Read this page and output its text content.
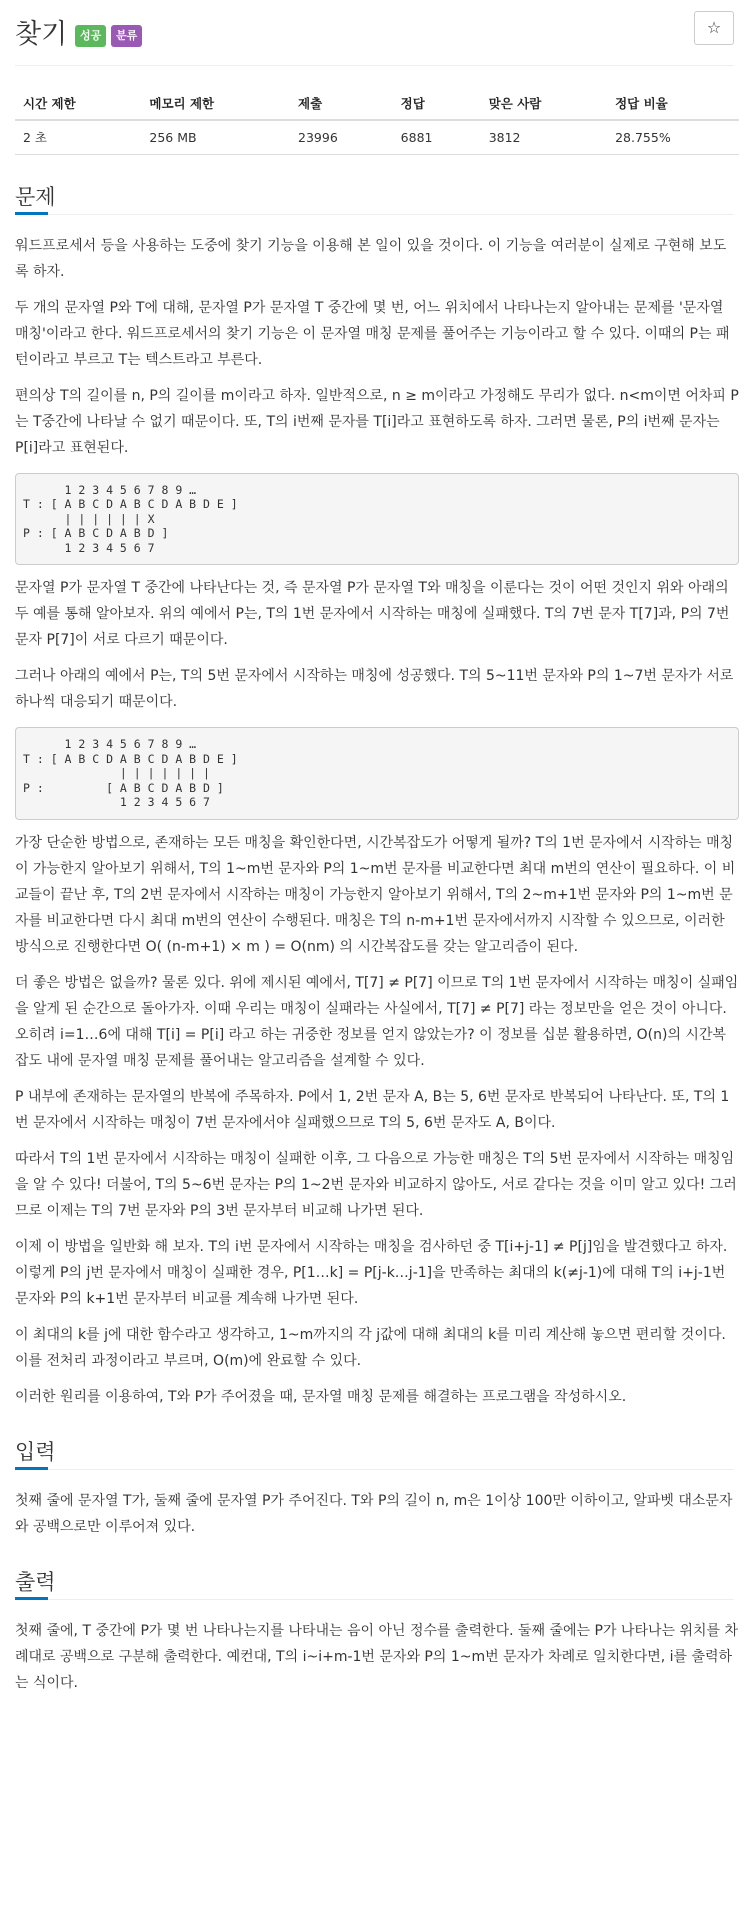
찾기	성공	분류	☆
시간 제한	메모리 제한	제출	정답	맞은 사람	정답 비율
2 초	256 MB	23996	6881	3812	28.755%
문제

워드프로세서 등을 사용하는 도중에 찾기 기능을 이용해 본 일이 있을 것이다. 이 기능을 여러분이 실제로 구현해 보도록 하자.

두 개의 문자열 P와 T에 대해, 문자열 P가 문자열 T 중간에 몇 번, 어느 위치에서 나타나는지 알아내는 문제를 '문자열 매칭'이라고 한다. 워드프로세서의 찾기 기능은 이 문자열 매칭 문제를 풀어주는 기능이라고 할 수 있다. 이때의 P는 패턴이라고 부르고 T는 텍스트라고 부른다.

편의상 T의 길이를 n, P의 길이를 m이라고 하자. 일반적으로, n ≥ m이라고 가정해도 무리가 없다. n<m이면 어차피 P는 T중간에 나타날 수 없기 때문이다. 또, T의 i번째 문자를 T[i]라고 표현하도록 하자. 그러면 물론, P의 i번째 문자는 P[i]라고 표현된다.

1 2 3 4 5 6 7 8 9 …
T : [ A B C D A B C D A B D E ]
| | | | | | X
P : [ A B C D A B D ]
1 2 3 4 5 6 7

문자열 P가 문자열 T 중간에 나타난다는 것, 즉 문자열 P가 문자열 T와 매칭을 이룬다는 것이 어떤 것인지 위와 아래의 두 예를 통해 알아보자. 위의 예에서 P는, T의 1번 문자에서 시작하는 매칭에 실패했다. T의 7번 문자 T[7]과, P의 7번 문자 P[7]이 서로 다르기 때문이다.

그러나 아래의 예에서 P는, T의 5번 문자에서 시작하는 매칭에 성공했다. T의 5~11번 문자와 P의 1~7번 문자가 서로 하나씩 대응되기 때문이다.

1 2 3 4 5 6 7 8 9 …
T : [ A B C D A B C D A B D E ]
| | | | | | |
P :         [ A B C D A B D ]
1 2 3 4 5 6 7

가장 단순한 방법으로, 존재하는 모든 매칭을 확인한다면, 시간복잡도가 어떻게 될까? T의 1번 문자에서 시작하는 매칭이 가능한지 알아보기 위해서, T의 1~m번 문자와 P의 1~m번 문자를 비교한다면 최대 m번의 연산이 필요하다. 이 비교들이 끝난 후, T의 2번 문자에서 시작하는 매칭이 가능한지 알아보기 위해서, T의 2~m+1번 문자와 P의 1~m번 문자를 비교한다면 다시 최대 m번의 연산이 수행된다. 매칭은 T의 n-m+1번 문자에서까지 시작할 수 있으므로, 이러한 방식으로 진행한다면 O( (n-m+1) × m ) = O(nm) 의 시간복잡도를 갖는 알고리즘이 된다.

더 좋은 방법은 없을까? 물론 있다. 위에 제시된 예에서, T[7] ≠ P[7] 이므로 T의 1번 문자에서 시작하는 매칭이 실패임을 알게 된 순간으로 돌아가자. 이때 우리는 매칭이 실패라는 사실에서, T[7] ≠ P[7] 라는 정보만을 얻은 것이 아니다. 오히려 i=1…6에 대해 T[i] = P[i] 라고 하는 귀중한 정보를 얻지 않았는가? 이 정보를 십분 활용하면, O(n)의 시간복잡도 내에 문자열 매칭 문제를 풀어내는 알고리즘을 설계할 수 있다.

P 내부에 존재하는 문자열의 반복에 주목하자. P에서 1, 2번 문자 A, B는 5, 6번 문자로 반복되어 나타난다. 또, T의 1번 문자에서 시작하는 매칭이 7번 문자에서야 실패했으므로 T의 5, 6번 문자도 A, B이다.

따라서 T의 1번 문자에서 시작하는 매칭이 실패한 이후, 그 다음으로 가능한 매칭은 T의 5번 문자에서 시작하는 매칭임을 알 수 있다! 더불어, T의 5~6번 문자는 P의 1~2번 문자와 비교하지 않아도, 서로 같다는 것을 이미 알고 있다! 그러므로 이제는 T의 7번 문자와 P의 3번 문자부터 비교해 나가면 된다.

이제 이 방법을 일반화 해 보자. T의 i번 문자에서 시작하는 매칭을 검사하던 중 T[i+j-1] ≠ P[j]임을 발견했다고 하자. 이렇게 P의 j번 문자에서 매칭이 실패한 경우, P[1…k] = P[j-k…j-1]을 만족하는 최대의 k(≠j-1)에 대해 T의 i+j-1번 문자와 P의 k+1번 문자부터 비교를 계속해 나가면 된다.

이 최대의 k를 j에 대한 함수라고 생각하고, 1~m까지의 각 j값에 대해 최대의 k를 미리 계산해 놓으면 편리할 것이다. 이를 전처리 과정이라고 부르며, O(m)에 완료할 수 있다.

이러한 원리를 이용하여, T와 P가 주어졌을 때, 문자열 매칭 문제를 해결하는 프로그램을 작성하시오.

입력

첫째 줄에 문자열 T가, 둘째 줄에 문자열 P가 주어진다. T와 P의 길이 n, m은 1이상 100만 이하이고, 알파벳 대소문자와 공백으로만 이루어져 있다.

출력

첫째 줄에, T 중간에 P가 몇 번 나타나는지를 나타내는 음이 아닌 정수를 출력한다. 둘째 줄에는 P가 나타나는 위치를 차례대로 공백으로 구분해 출력한다. 예컨대, T의 i~i+m-1번 문자와 P의 1~m번 문자가 차례로 일치한다면, i를 출력하는 식이다.
